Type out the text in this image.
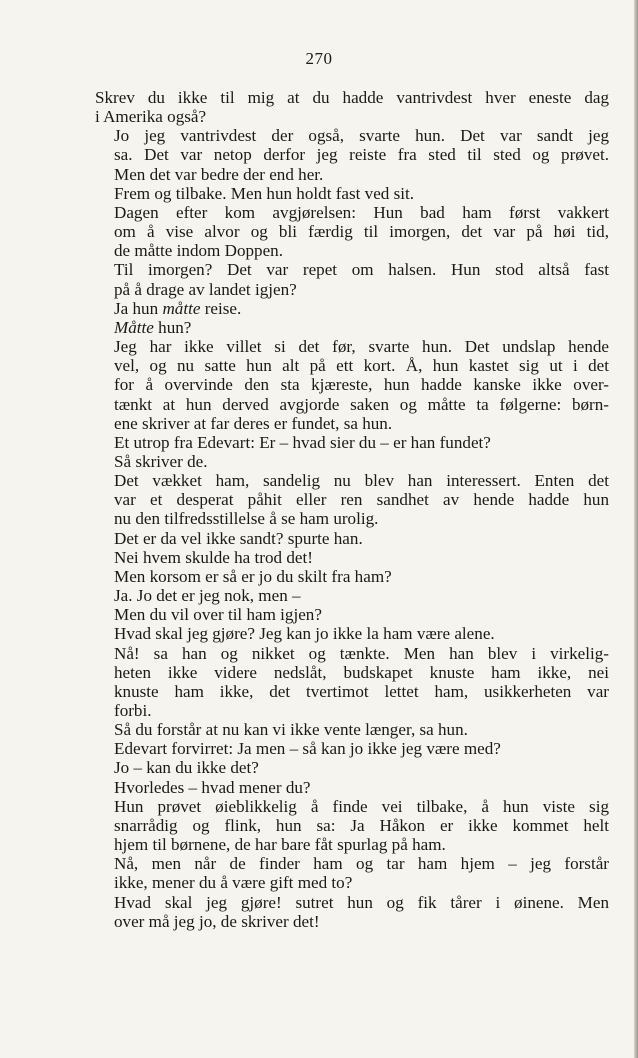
270

Skrev du ikke til mig at du hadde vantrivdest hver eneste dag
i Amerika også?

Jo jeg vantrivdest der også, svarte hun. Det var sandt jeg
sa. Det var netop derfor jeg reiste fra sted til sted og prøvet.
Men det var bedre der end her.

Frem og tilbake. Men hun holdt fast ved sit.

Dagen efter kom avgjørelsen: Hun bad ham først vakkert
om å vise alvor og bli færdig til imorgen, det var på høi tid,
de måtte indom Doppen.

Til imorgen? Det var repet om halsen. Hun stod altså fast
på å drage av landet igjen?

Ja hun måtte reise.

Måtte hun?

Jeg har ikke villet si det før, svarte hun. Det undslap hende
vel, og nu satte hun alt på ett kort. Å, hun kastet sig ut i det
for å overvinde den sta kjæreste, hun hadde kanske ikke over-
tænkt at hun derved avgjorde saken og måtte ta følgerne: børn-
ene skriver at far deres er fundet, sa hun.

Et utrop fra Edevart: Er – hvad sier du – er han fundet?

Så skriver de.

Det vækket ham, sandelig nu blev han interessert. Enten det
var et desperat påhit eller ren sandhet av hende hadde hun
nu den tilfredsstillelse å se ham urolig.

Det er da vel ikke sandt? spurte han.

Nei hvem skulde ha trod det!

Men korsom er så er jo du skilt fra ham?

Ja. Jo det er jeg nok, men –

Men du vil over til ham igjen?

Hvad skal jeg gjøre? Jeg kan jo ikke la ham være alene.

Nå! sa han og nikket og tænkte. Men han blev i virkelig-
heten ikke videre nedslåt, budskapet knuste ham ikke, nei
knuste ham ikke, det tvertimot lettet ham, usikkerheten var
forbi.

Så du forstår at nu kan vi ikke vente længer, sa hun.

Edevart forvirret: Ja men – så kan jo ikke jeg være med?

Jo – kan du ikke det?

Hvorledes – hvad mener du?

Hun prøvet øieblikkelig å finde vei tilbake, å hun viste sig
snarrådig og flink, hun sa: Ja Håkon er ikke kommet helt
hjem til børnene, de har bare fåt spurlag på ham.

Nå, men når de finder ham og tar ham hjem – jeg forstår
ikke, mener du å være gift med to?

Hvad skal jeg gjøre! sutret hun og fik tårer i øinene. Men
over må jeg jo, de skriver det!
